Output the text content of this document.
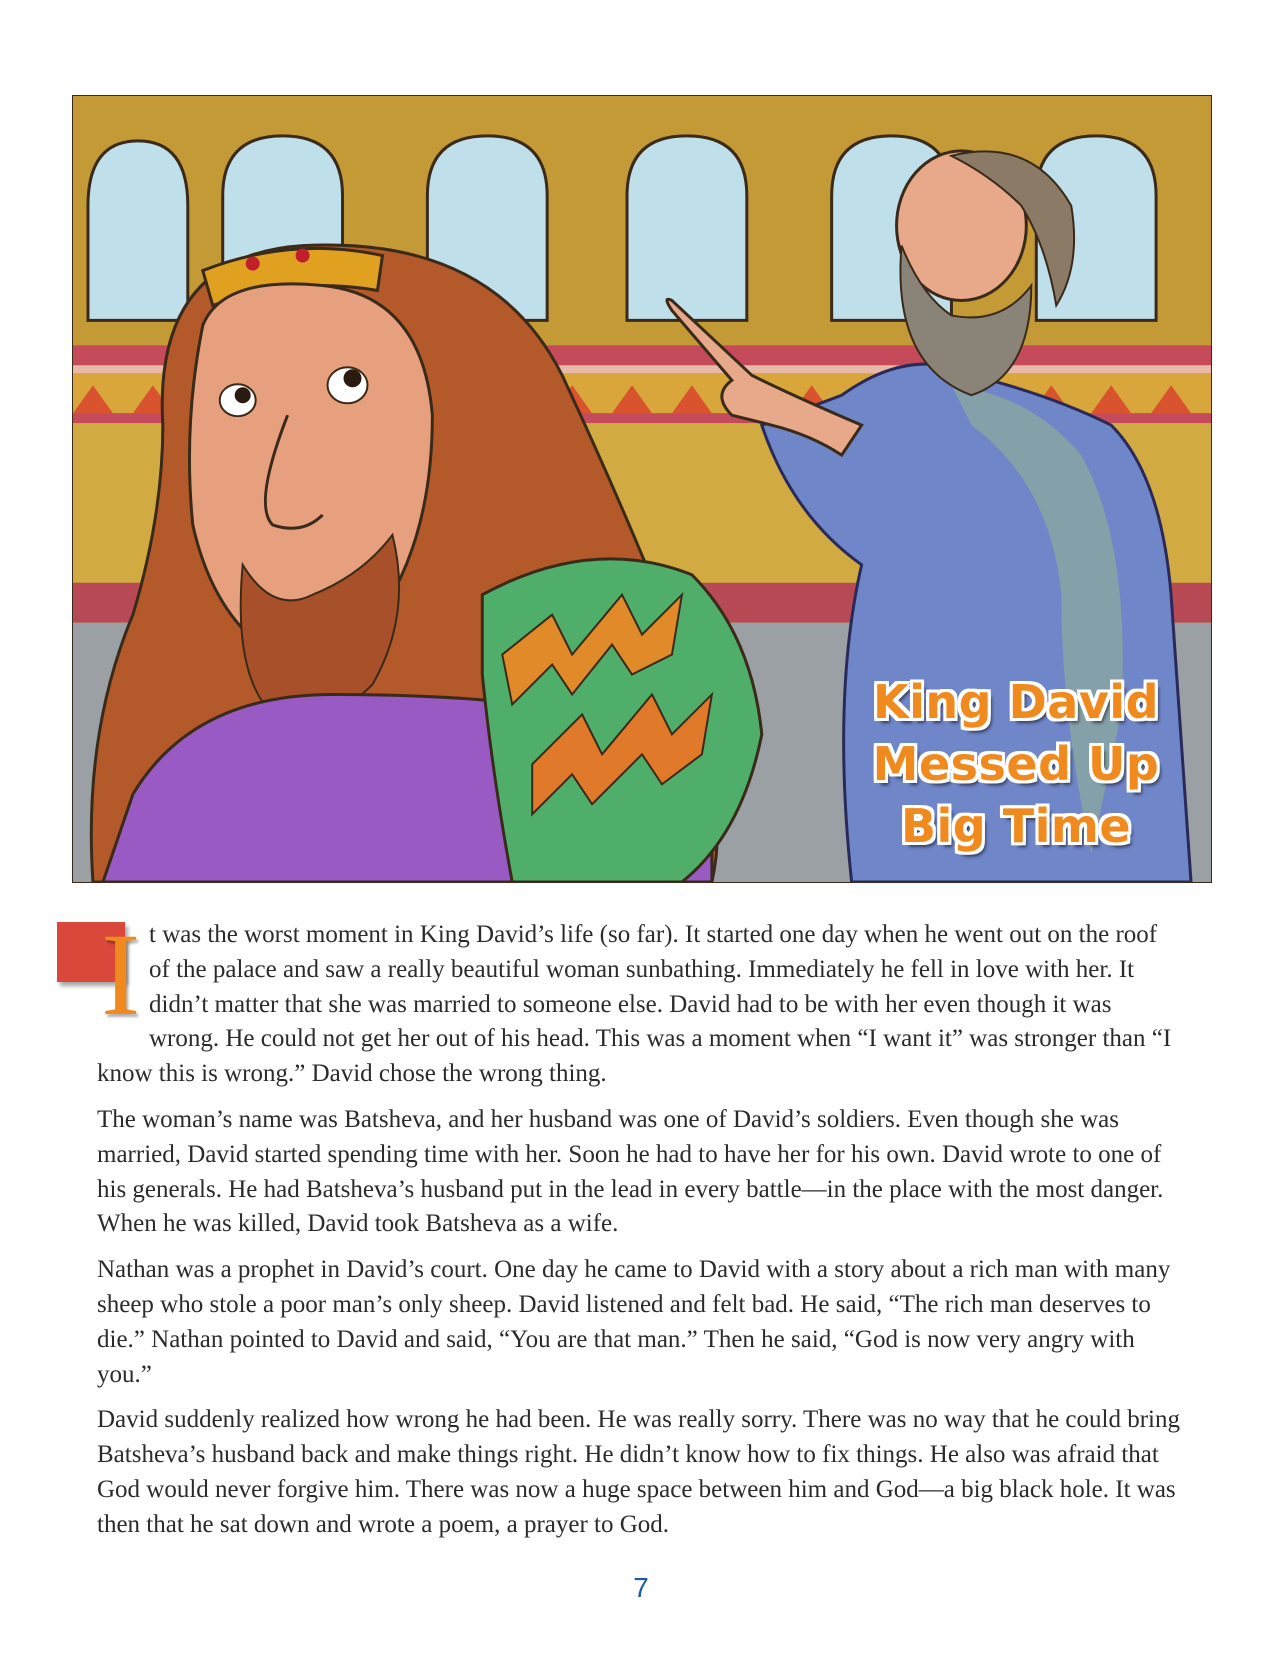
King David
Messed Up
Big Time

I t was the worst moment in King David’s life (so far). It started one day when he went out on the roof of the palace and saw a really beautiful woman sunbathing. Immediately he fell in love with her. It didn’t matter that she was married to someone else. David had to be with her even though it was wrong. He could not get her out of his head. This was a moment when “I want it” was stronger than “I know this is wrong.” David chose the wrong thing.

The woman’s name was Batsheva, and her husband was one of David’s soldiers. Even though she was married, David started spending time with her. Soon he had to have her for his own. David wrote to one of his generals. He had Batsheva’s husband put in the lead in every battle—in the place with the most danger. When he was killed, David took Batsheva as a wife.

Nathan was a prophet in David’s court. One day he came to David with a story about a rich man with many sheep who stole a poor man’s only sheep. David listened and felt bad. He said, “The rich man deserves to die.” Nathan pointed to David and said, “You are that man.” Then he said, “God is now very angry with you.”

David suddenly realized how wrong he had been. He was really sorry. There was no way that he could bring Batsheva’s husband back and make things right. He didn’t know how to fix things. He also was afraid that God would never forgive him. There was now a huge space between him and God—a big black hole. It was then that he sat down and wrote a poem, a prayer to God.

7
